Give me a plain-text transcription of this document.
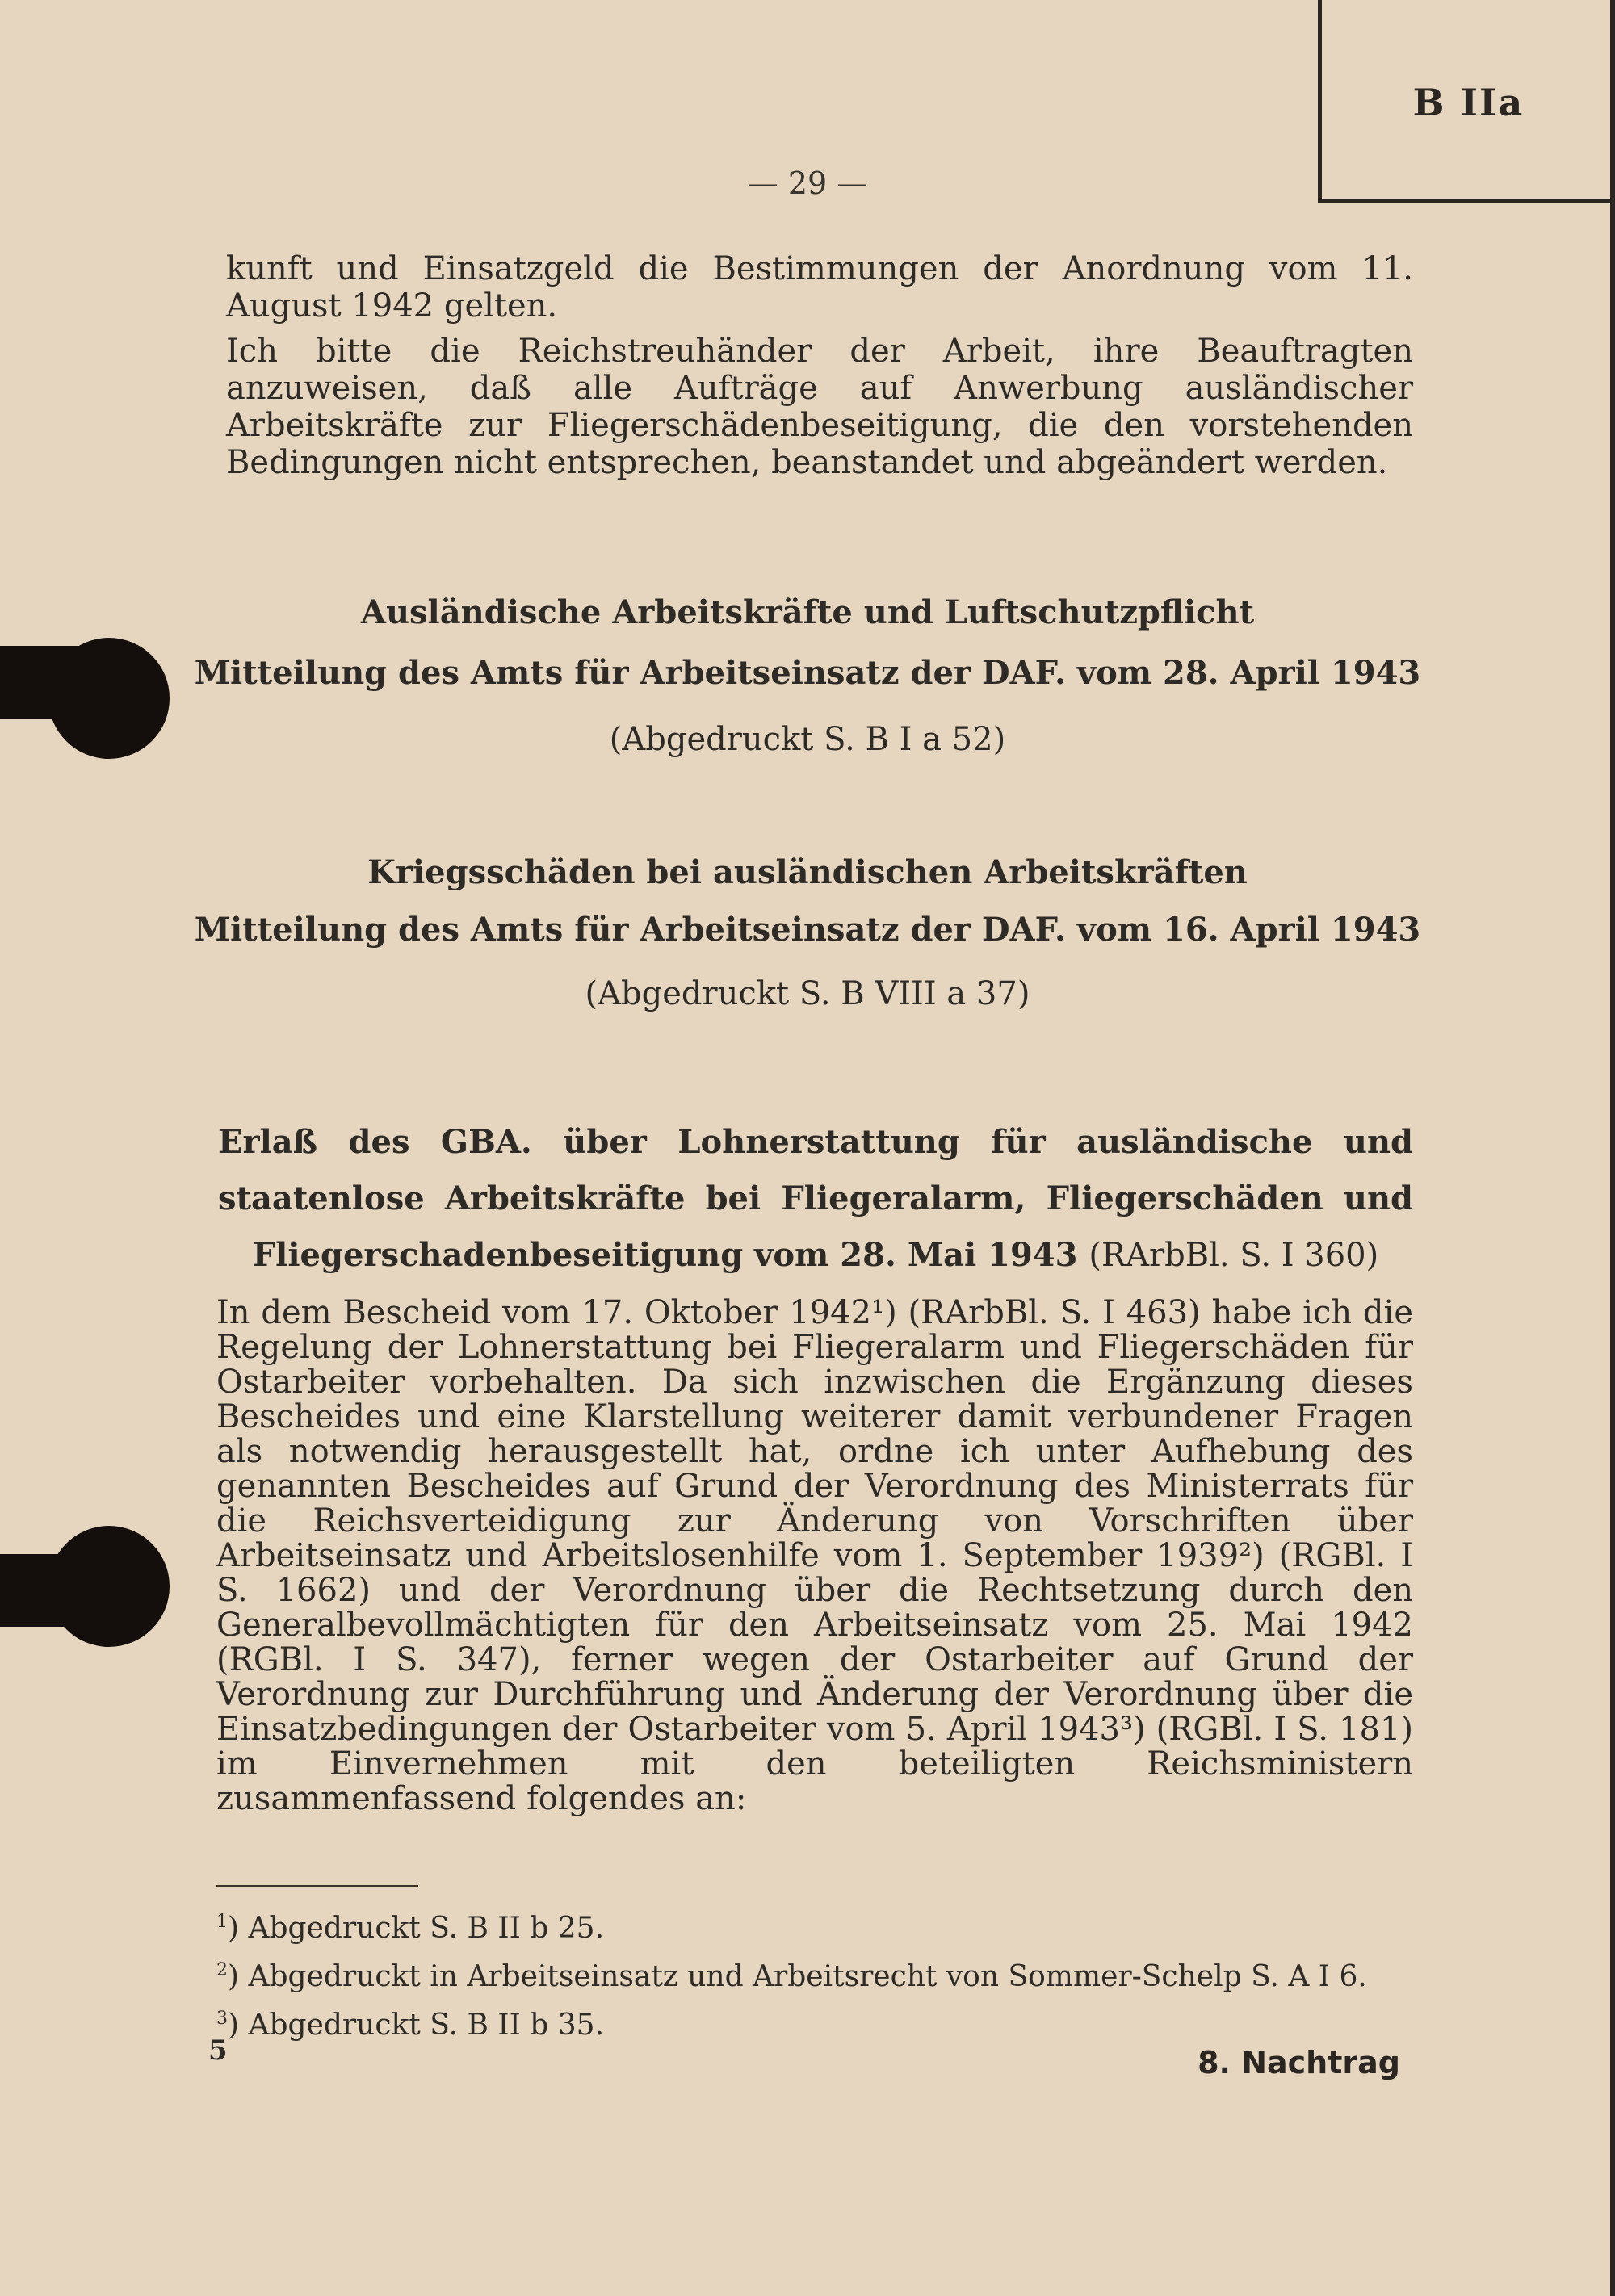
B IIa
— 29 —

kunft und Einsatzgeld die Bestimmungen der Anordnung vom 11. August 1942 gelten.

Ich bitte die Reichstreuhänder der Arbeit, ihre Beauftragten anzuweisen, daß alle Aufträge auf Anwerbung ausländischer Arbeitskräfte zur Fliegerschädenbeseitigung, die den vorstehenden Bedingungen nicht entsprechen, beanstandet und abgeändert werden.

Ausländische Arbeitskräfte und Luftschutzpflicht
Mitteilung des Amts für Arbeitseinsatz der DAF. vom 28. April 1943
(Abgedruckt S. B I a 52)
Kriegsschäden bei ausländischen Arbeitskräften
Mitteilung des Amts für Arbeitseinsatz der DAF. vom 16. April 1943
(Abgedruckt S. B VIII a 37)
Erlaß des GBA. über Lohnerstattung für ausländische und staatenlose Arbeitskräfte bei Fliegeralarm, Fliegerschäden und Fliegerschadenbeseitigung vom 28. Mai 1943 (RArbBl. S. I 360)

In dem Bescheid vom 17. Oktober 1942¹) (RArbBl. S. I 463) habe ich die Regelung der Lohnerstattung bei Fliegeralarm und Fliegerschäden für Ostarbeiter vorbehalten. Da sich inzwischen die Ergänzung dieses Bescheides und eine Klarstellung weiterer damit verbundener Fragen als notwendig herausgestellt hat, ordne ich unter Aufhebung des genannten Bescheides auf Grund der Verordnung des Ministerrats für die Reichsverteidigung zur Änderung von Vorschriften über Arbeitseinsatz und Arbeitslosenhilfe vom 1. September 1939²) (RGBl. I S. 1662) und der Verordnung über die Rechtsetzung durch den Generalbevollmächtigten für den Arbeitseinsatz vom 25. Mai 1942 (RGBl. I S. 347), ferner wegen der Ostarbeiter auf Grund der Verordnung zur Durchführung und Änderung der Verordnung über die Einsatzbedingungen der Ostarbeiter vom 5. April 1943³) (RGBl. I S. 181) im Einvernehmen mit den beteiligten Reichsministern zusammenfassend folgendes an:

$^1$) Abgedruckt S. B II b 25.
$^2$) Abgedruckt in Arbeitseinsatz und Arbeitsrecht von Sommer-Schelp S. A I 6.
$^3$) Abgedruckt S. B II b 35.
5	8. Nachtrag
